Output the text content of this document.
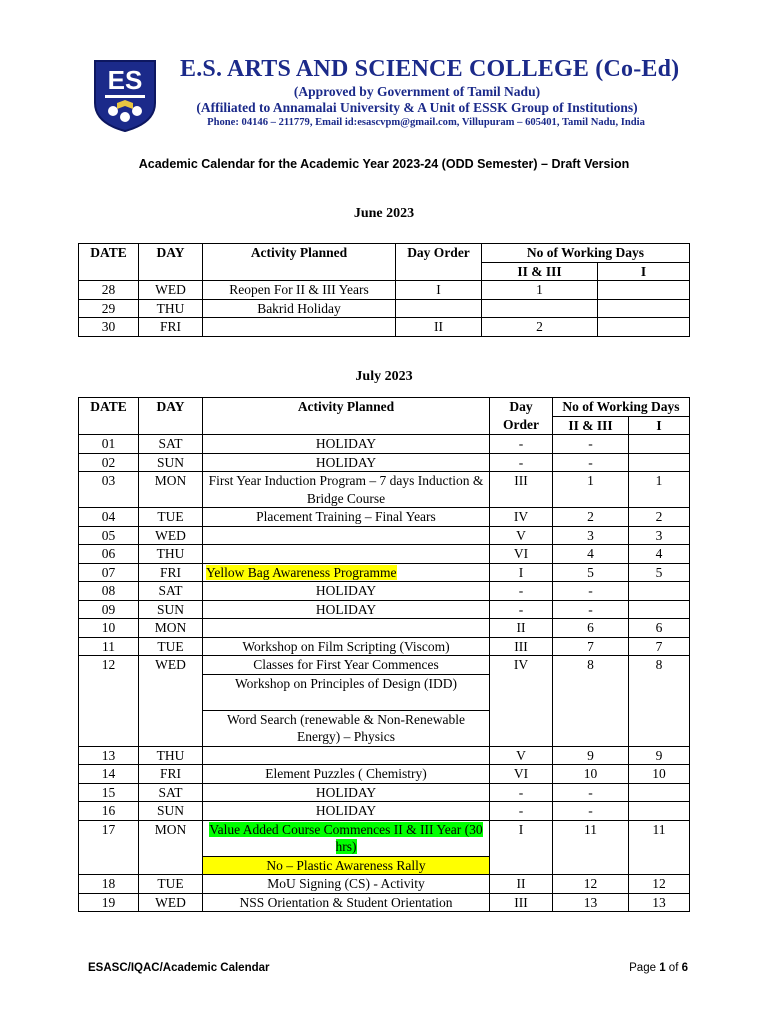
ES E.S. ARTS AND SCIENCE COLLEGE (Co-Ed)
(Approved by Government of Tamil Nadu)
(Affiliated to Annamalai University & A Unit of ESSK Group of Institutions)
Phone: 04146 – 211779, Email id:esascvpm@gmail.com, Villupuram – 605401, Tamil Nadu, India
Academic Calendar for the Academic Year 2023-24 (ODD Semester) – Draft Version
June 2023
DATE	DAY	Activity Planned	Day Order	No of Working Days	
				II & III	I
28	WED	Reopen For II & III Years	I	1	
29	THU	Bakrid Holiday			
30	FRI		II	2	
July 2023
DATE	DAY	Activity Planned	Day
Order	No of Working Days	
				II & III	I
01	SAT	HOLIDAY	-	-	
02	SUN	HOLIDAY	-	-	
03	MON	First Year Induction Program – 7 days Induction & Bridge Course	III	1	1
04	TUE	Placement Training – Final Years	IV	2	2
05	WED		V	3	3
06	THU		VI	4	4
07	FRI	Yellow Bag Awareness Programme	I	5	5
08	SAT	HOLIDAY	-	-	
09	SUN	HOLIDAY	-	-	
10	MON		II	6	6
11	TUE	Workshop on Film Scripting (Viscom)	III	7	7
12	WED	Classes for First Year Commences	IV	8	8
		Workshop on Principles of Design (IDD)			
		Word Search (renewable & Non-Renewable Energy) – Physics			
13	THU		V	9	9
14	FRI	Element Puzzles ( Chemistry)	VI	10	10
15	SAT	HOLIDAY	-	-	
16	SUN	HOLIDAY	-	-	
17	MON	Value Added Course Commences II & III Year (30 hrs)	I	11	11
		No – Plastic Awareness Rally			
18	TUE	MoU Signing (CS) - Activity	II	12	12
19	WED	NSS Orientation & Student Orientation	III	13	13
ESASC/IQAC/Academic Calendar	Page 1 of 6
